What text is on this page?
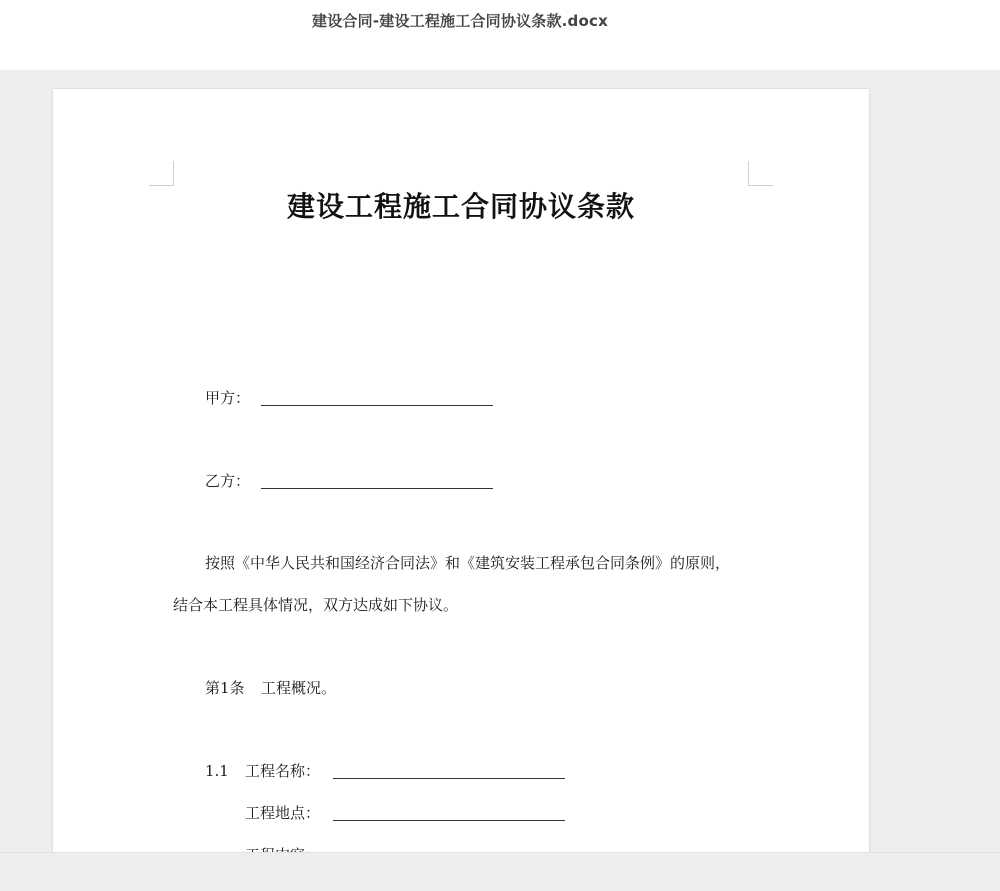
建设合同-建设工程施工合同协议条款.docx
建设工程施工合同协议条款
甲方：
乙方：
按照《中华人民共和国经济合同法》和《建筑安装工程承包合同条例》的原则，
结合本工程具体情况，双方达成如下协议。
第1条 工程概况。
1.1 工程名称：
工程地点：
